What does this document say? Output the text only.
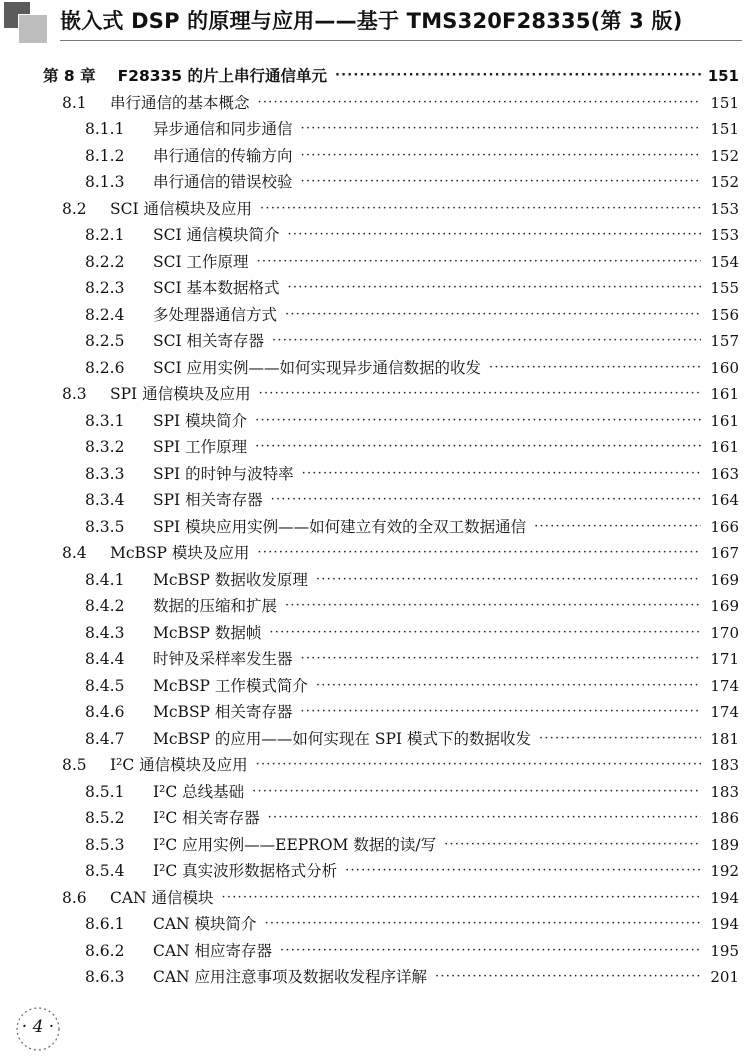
嵌入式 DSP 的原理与应用——基于 TMS320F28335(第 3 版)
第 8 章	F28335 的片上串行通信单元 ·····	151
8.1	串行通信的基本概念 ·····	151
8.1.1	异步通信和同步通信 ·····	151
8.1.2	串行通信的传输方向 ·····	152
8.1.3	串行通信的错误校验 ·····	152
8.2	SCI 通信模块及应用 ·····	153
8.2.1	SCI 通信模块简介 ·····	153
8.2.2	SCI 工作原理 ·····	154
8.2.3	SCI 基本数据格式 ·····	155
8.2.4	多处理器通信方式 ·····	156
8.2.5	SCI 相关寄存器 ·····	157
8.2.6	SCI 应用实例——如何实现异步通信数据的收发 ·····	160
8.3	SPI 通信模块及应用 ·····	161
8.3.1	SPI 模块简介 ·····	161
8.3.2	SPI 工作原理 ·····	161
8.3.3	SPI 的时钟与波特率 ·····	163
8.3.4	SPI 相关寄存器 ·····	164
8.3.5	SPI 模块应用实例——如何建立有效的全双工数据通信 ·····	166
8.4	McBSP 模块及应用 ·····	167
8.4.1	McBSP 数据收发原理 ·····	169
8.4.2	数据的压缩和扩展 ·····	169
8.4.3	McBSP 数据帧 ·····	170
8.4.4	时钟及采样率发生器 ·····	171
8.4.5	McBSP 工作模式简介 ·····	174
8.4.6	McBSP 相关寄存器 ·····	174
8.4.7	McBSP 的应用——如何实现在 SPI 模式下的数据收发 ·····	181
8.5	I²C 通信模块及应用 ·····	183
8.5.1	I²C 总线基础 ·····	183
8.5.2	I²C 相关寄存器 ·····	186
8.5.3	I²C 应用实例——EEPROM 数据的读/写 ·····	189
8.5.4	I²C 真实波形数据格式分析 ·····	192
8.6	CAN 通信模块 ·····	194
8.6.1	CAN 模块简介 ·····	194
8.6.2	CAN 相应寄存器 ·····	195
8.6.3	CAN 应用注意事项及数据收发程序详解 ·····	201
· 4 ·
